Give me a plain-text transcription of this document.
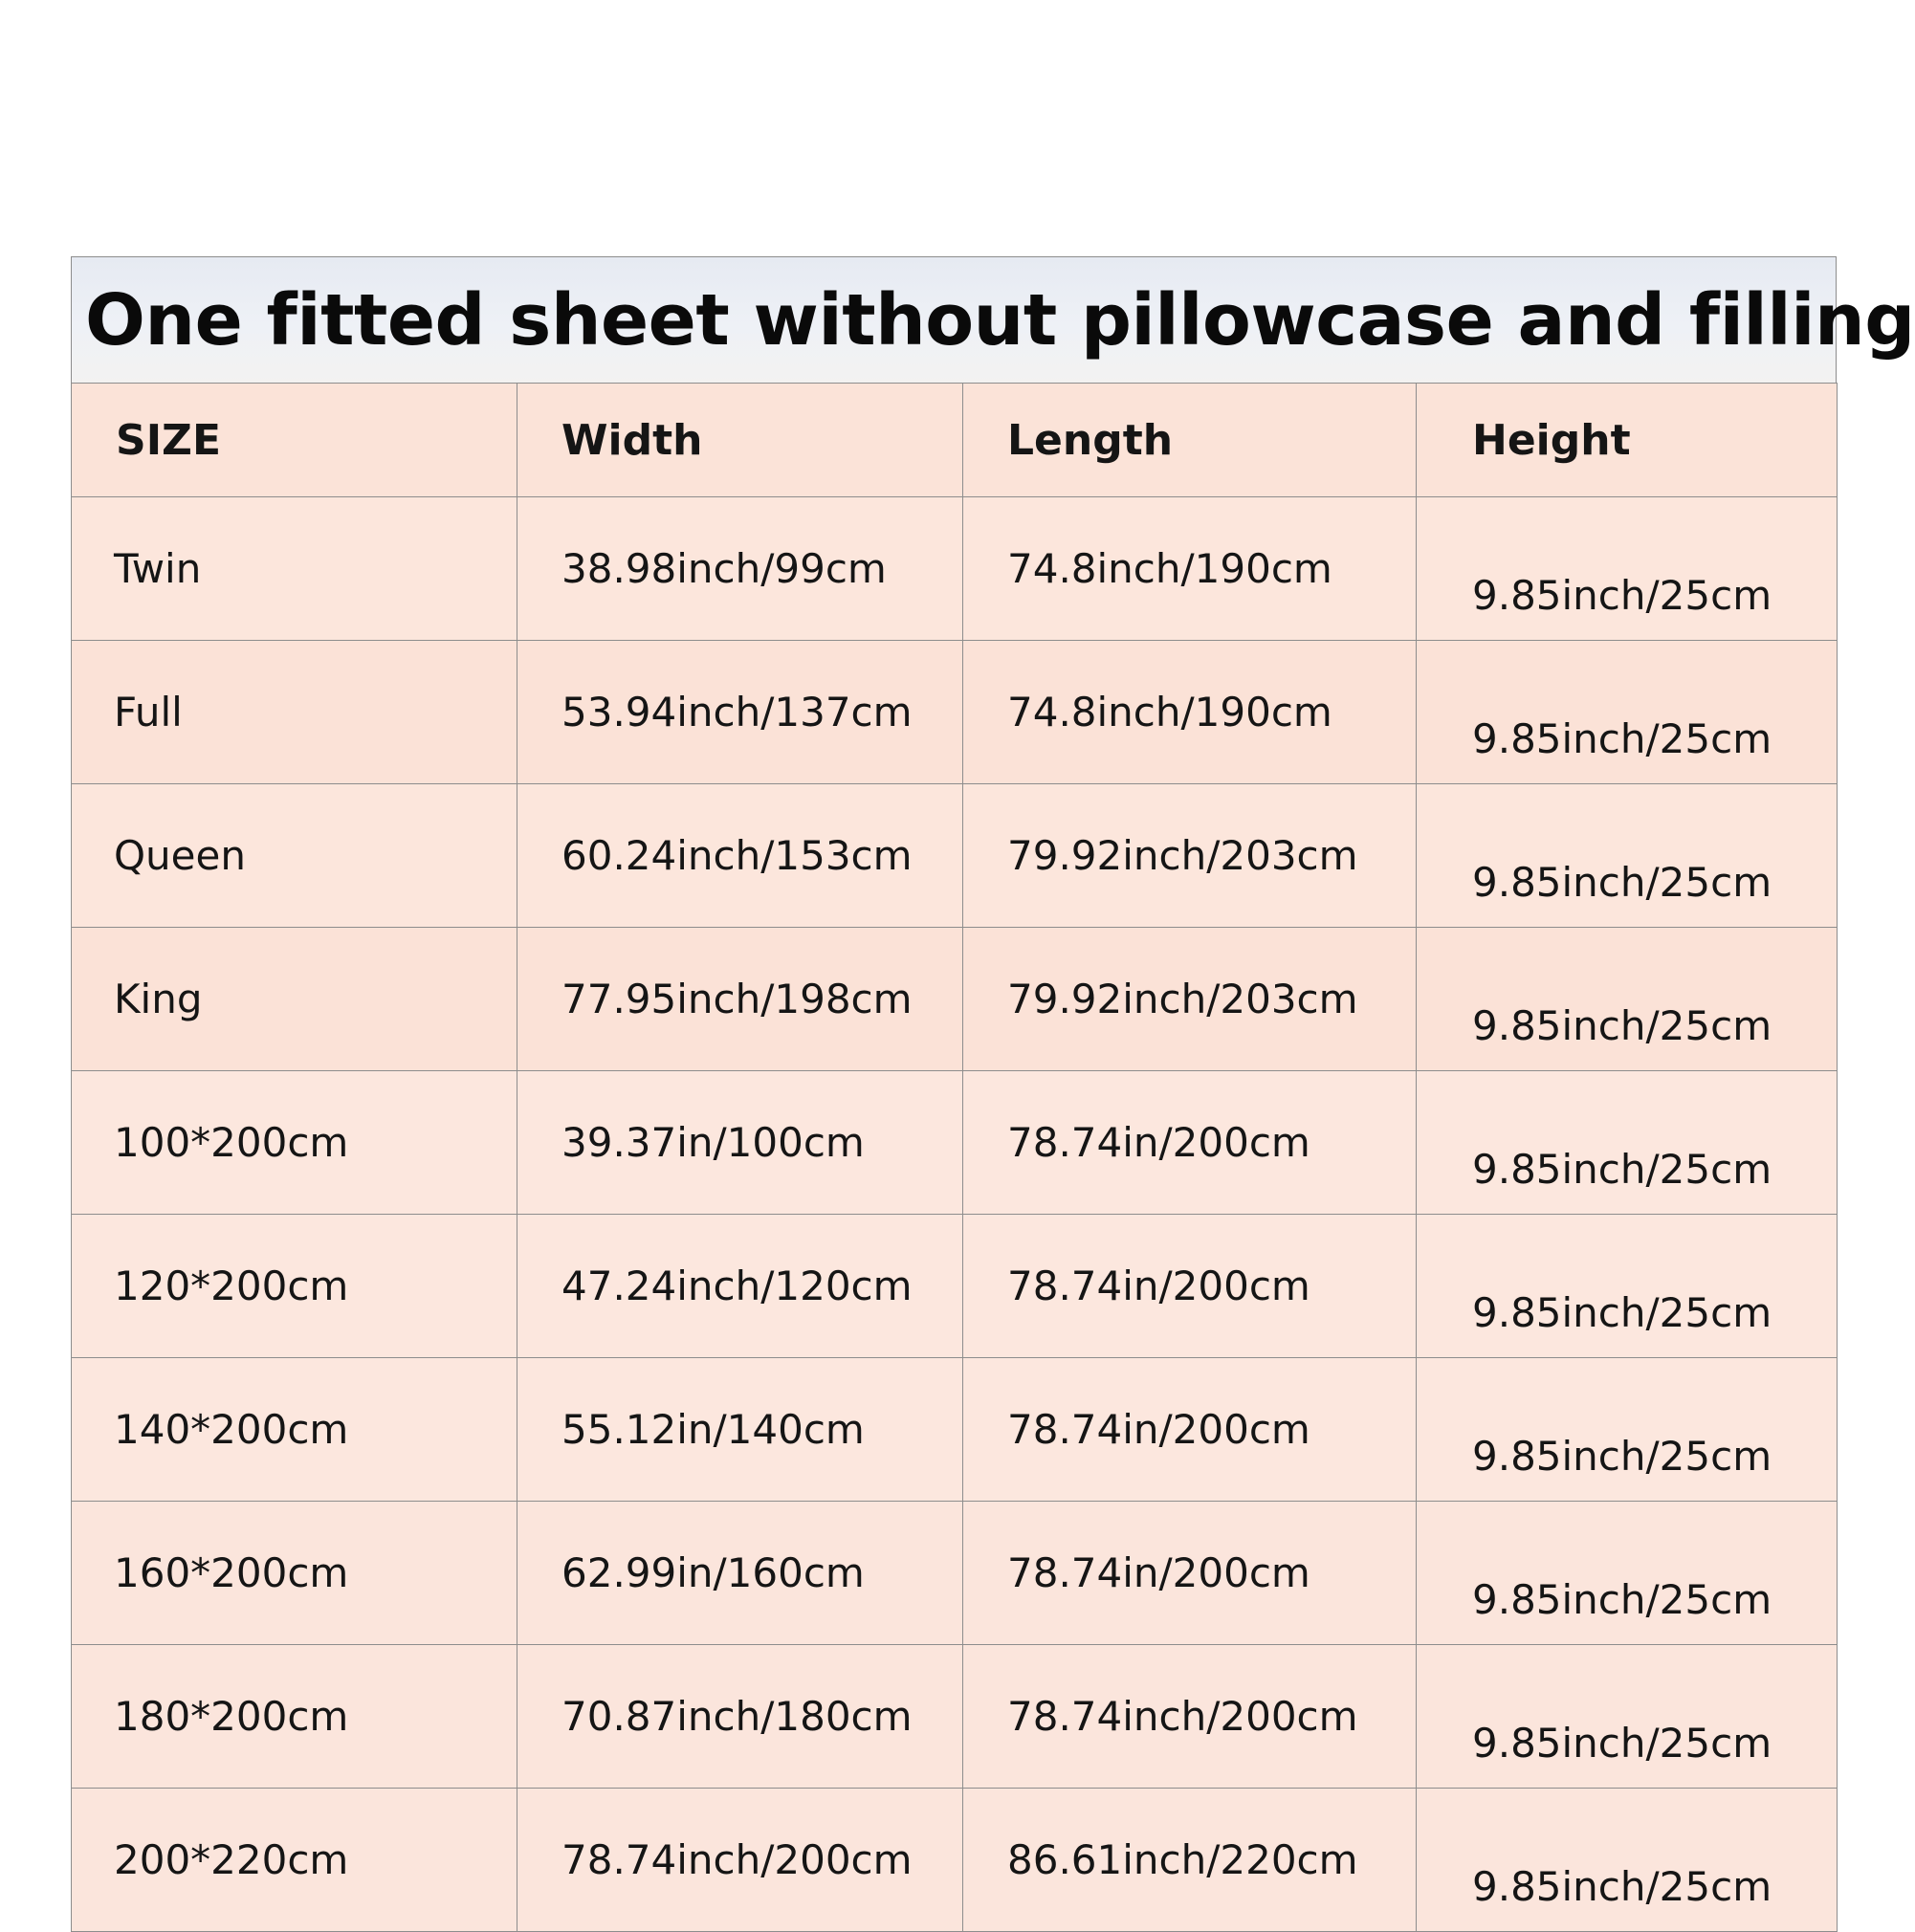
One fitted sheet without pillowcase and filling
SIZE	Width	Length	Height
Twin	38.98inch/99cm	74.8inch/190cm	9.85inch/25cm
Full	53.94inch/137cm	74.8inch/190cm	9.85inch/25cm
Queen	60.24inch/153cm	79.92inch/203cm	9.85inch/25cm
King	77.95inch/198cm	79.92inch/203cm	9.85inch/25cm
100*200cm	39.37in/100cm	78.74in/200cm	9.85inch/25cm
120*200cm	47.24inch/120cm	78.74in/200cm	9.85inch/25cm
140*200cm	55.12in/140cm	78.74in/200cm	9.85inch/25cm
160*200cm	62.99in/160cm	78.74in/200cm	9.85inch/25cm
180*200cm	70.87inch/180cm	78.74inch/200cm	9.85inch/25cm
200*220cm	78.74inch/200cm	86.61inch/220cm	9.85inch/25cm
